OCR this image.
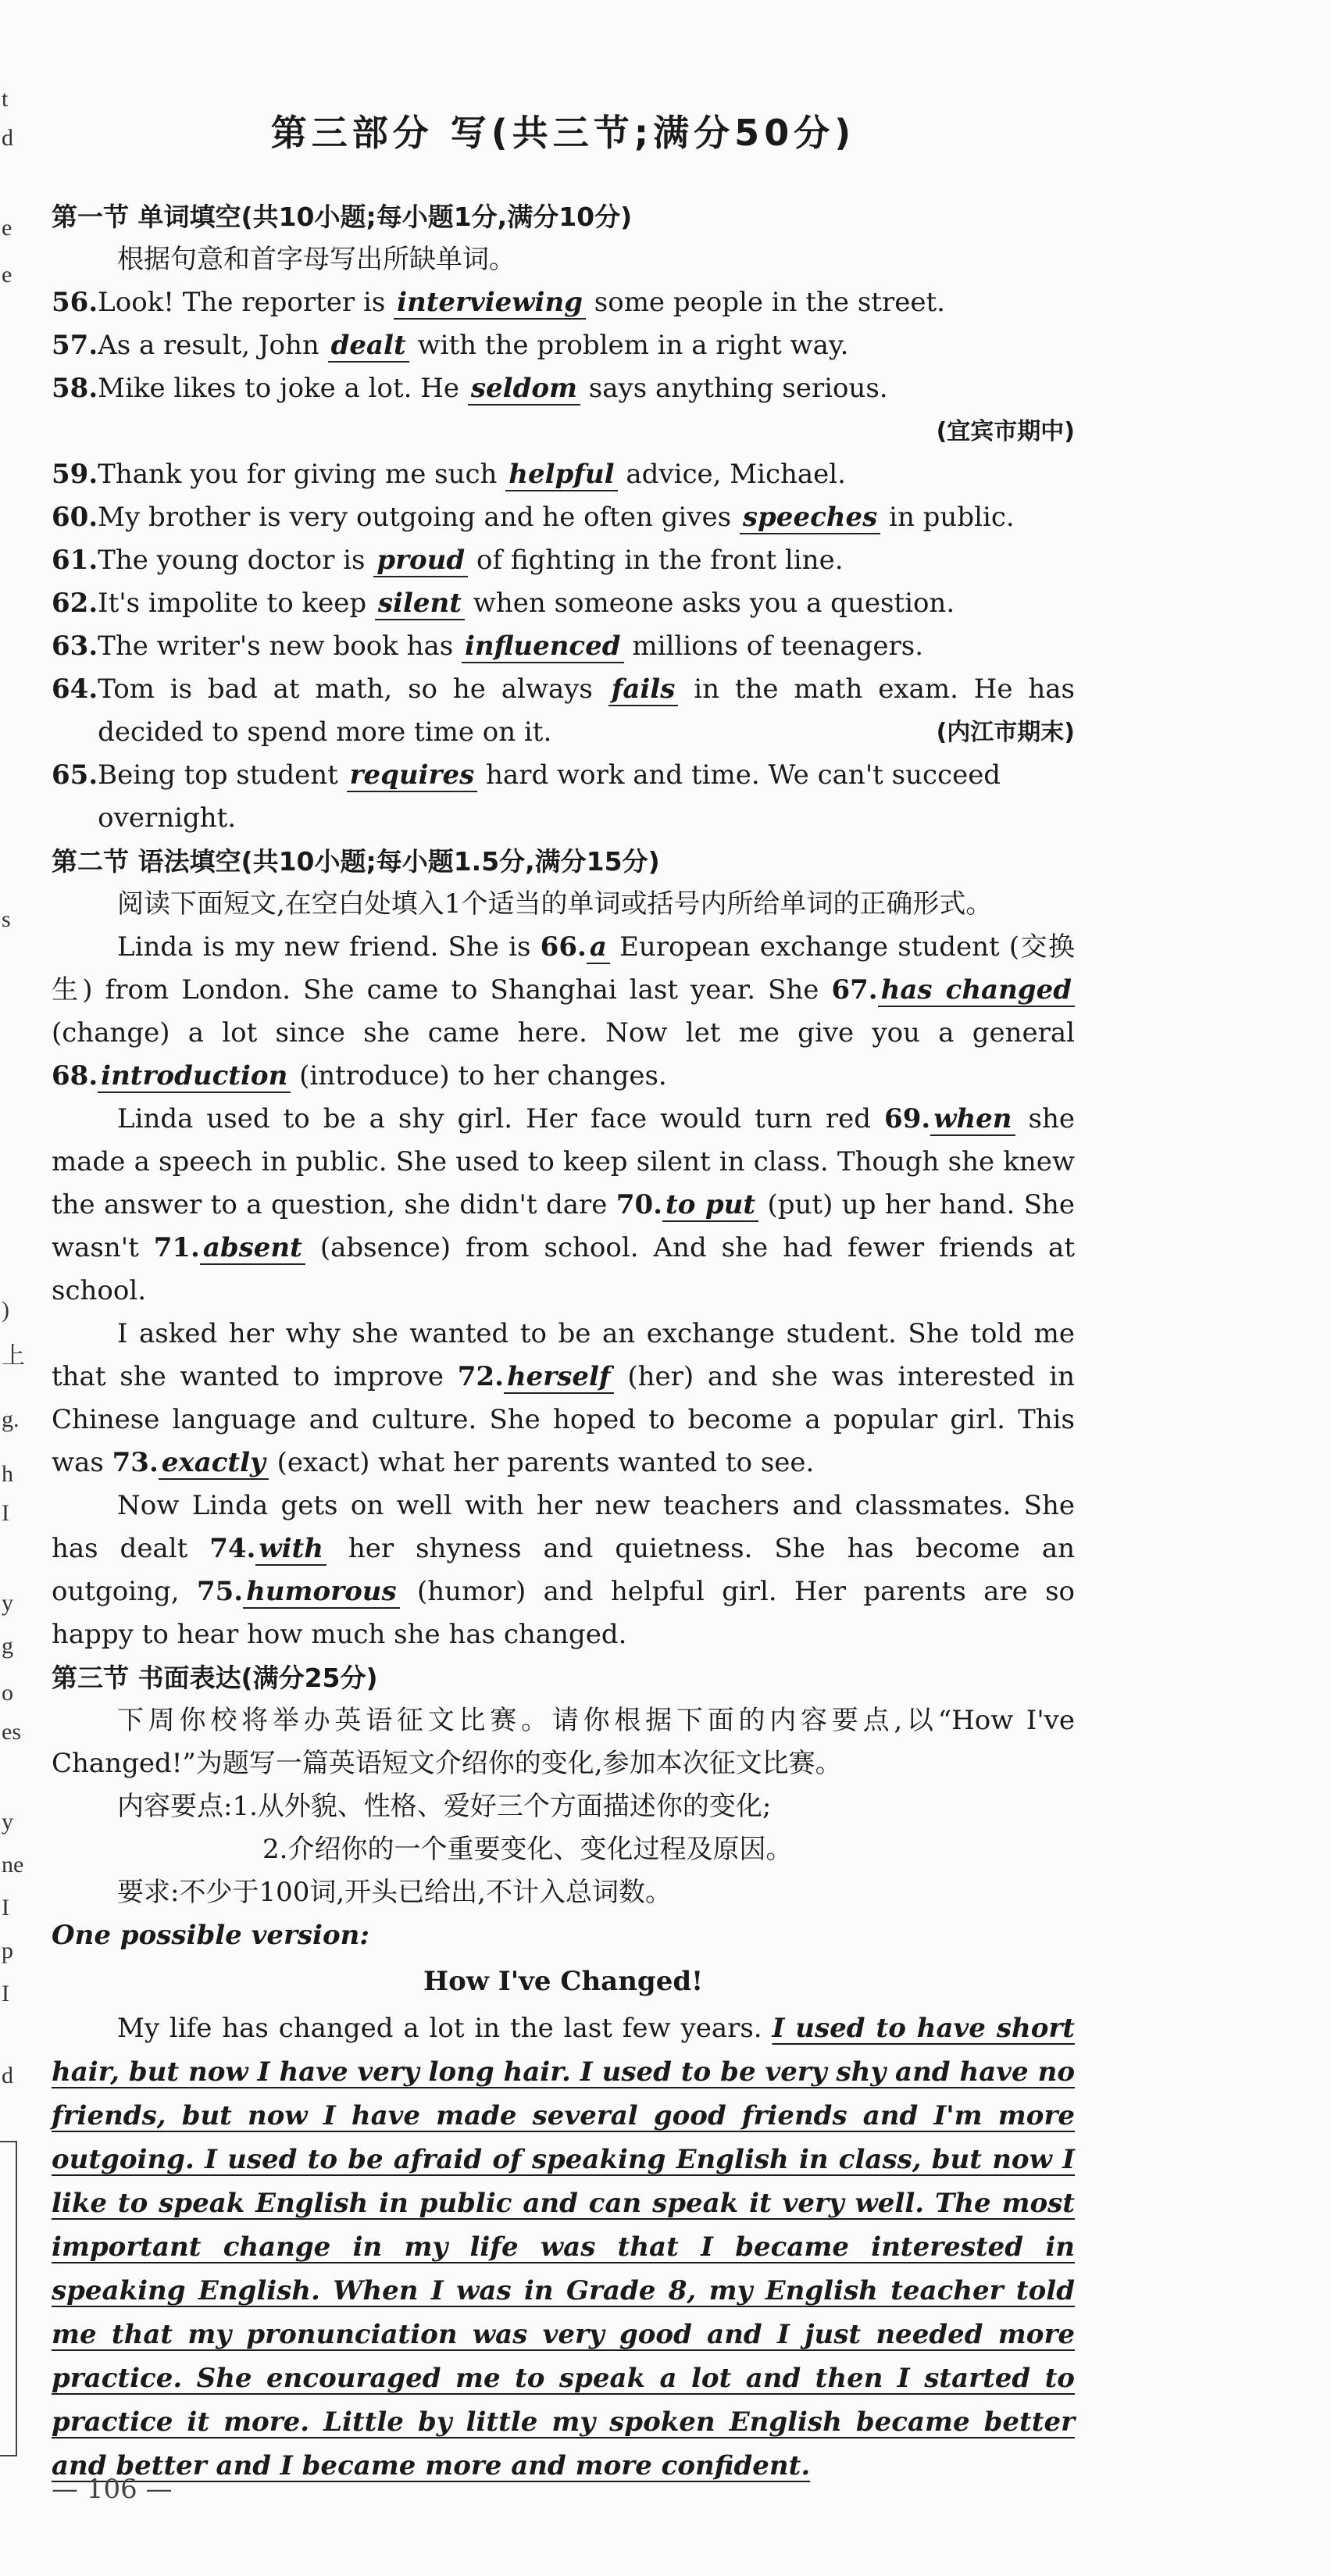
t
d
e
e
s
)
上
g.
h
I
y
g
o
es
y
ne
I
p
I
d
第三部分 写(共三节;满分50分)
第一节 单词填空(共10小题;每小题1分,满分10分)
根据句意和首字母写出所缺单词。
56. Look! The reporter is interviewing some people in the street.
57. As a result, John dealt with the problem in a right way.
58. Mike likes to joke a lot. He seldom says anything serious.
(宜宾市期中)
59. Thank you for giving me such helpful advice, Michael.
60. My brother is very outgoing and he often gives speeches in public.
61. The young doctor is proud of fighting in the front line.
62. It's impolite to keep silent when someone asks you a question.
63. The writer's new book has influenced millions of teenagers.
64. Tom is bad at math, so he always fails in the math exam. He has decided to spend more time on it.	(内江市期末)
65. Being top student requires hard work and time. We can't succeed overnight.
第二节 语法填空(共10小题;每小题1.5分,满分15分)
阅读下面短文,在空白处填入1个适当的单词或括号内所给单词的正确形式。
Linda is my new friend. She is 66. a European exchange student (交换生) from London. She came to Shanghai last year. She 67. has changed (change) a lot since she came here. Now let me give you a general 68. introduction (introduce) to her changes.
Linda used to be a shy girl. Her face would turn red 69. when she made a speech in public. She used to keep silent in class. Though she knew the answer to a question, she didn't dare 70. to put (put) up her hand. She wasn't 71. absent (absence) from school. And she had fewer friends at school.
I asked her why she wanted to be an exchange student. She told me that she wanted to improve 72. herself (her) and she was interested in Chinese language and culture. She hoped to become a popular girl. This was 73. exactly (exact) what her parents wanted to see.
Now Linda gets on well with her new teachers and classmates. She has dealt 74. with her shyness and quietness. She has become an outgoing, 75. humorous (humor) and helpful girl. Her parents are so happy to hear how much she has changed.
第三节 书面表达(满分25分)
下周你校将举办英语征文比赛。请你根据下面的内容要点,以“How I've Changed!”为题写一篇英语短文介绍你的变化,参加本次征文比赛。
内容要点:1.从外貌、性格、爱好三个方面描述你的变化;
2.介绍你的一个重要变化、变化过程及原因。
要求:不少于100词,开头已给出,不计入总词数。
One possible version:
How I've Changed!
My life has changed a lot in the last few years. I used to have short hair, but now I have very long hair. I used to be very shy and have no friends, but now I have made several good friends and I'm more outgoing. I used to be afraid of speaking English in class, but now I like to speak English in public and can speak it very well. The most important change in my life was that I became interested in speaking English. When I was in Grade 8, my English teacher told me that my pronunciation was very good and I just needed more practice. She encouraged me to speak a lot and then I started to practice it more. Little by little my spoken English became better and better and I became more and more confident.
— 106 —
